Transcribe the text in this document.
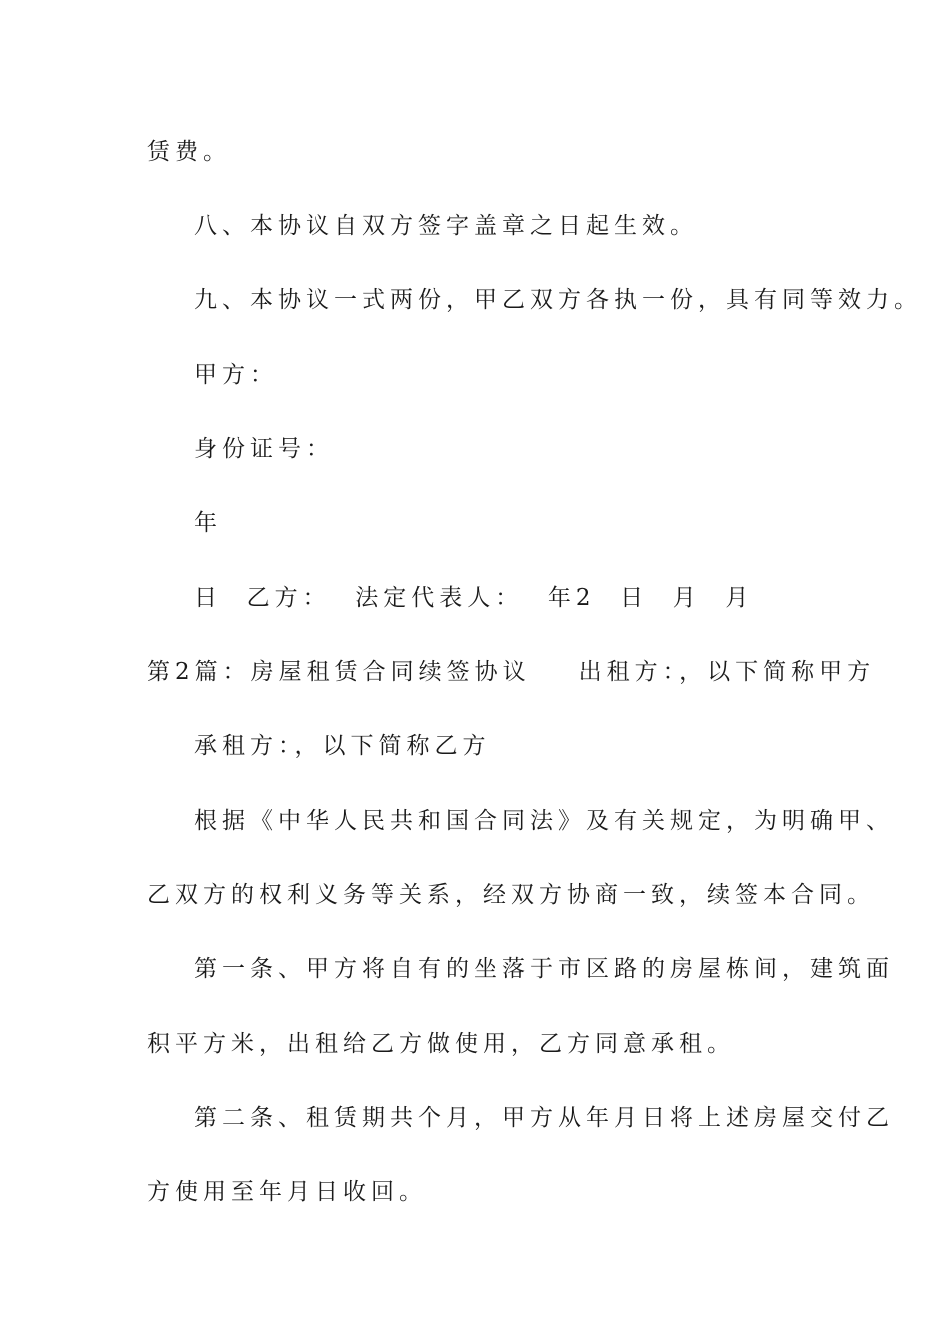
赁费。

八、本协议自双方签字盖章之日起生效。

九、本协议一式两份，甲乙双方各执一份，具有同等效力。

甲方：

身份证号：

年

日  乙方：  法定代表人：  年2  日  月  月

第2篇：房屋租赁合同续签协议 出租方：，以下简称甲方

承租方：，以下简称乙方

根据《中华人民共和国合同法》及有关规定，为明确甲、

乙双方的权利义务等关系，经双方协商一致，续签本合同。

第一条、甲方将自有的坐落于市区路的房屋栋间，建筑面

积平方米，出租给乙方做使用，乙方同意承租。

第二条、租赁期共个月，甲方从年月日将上述房屋交付乙

方使用至年月日收回。
